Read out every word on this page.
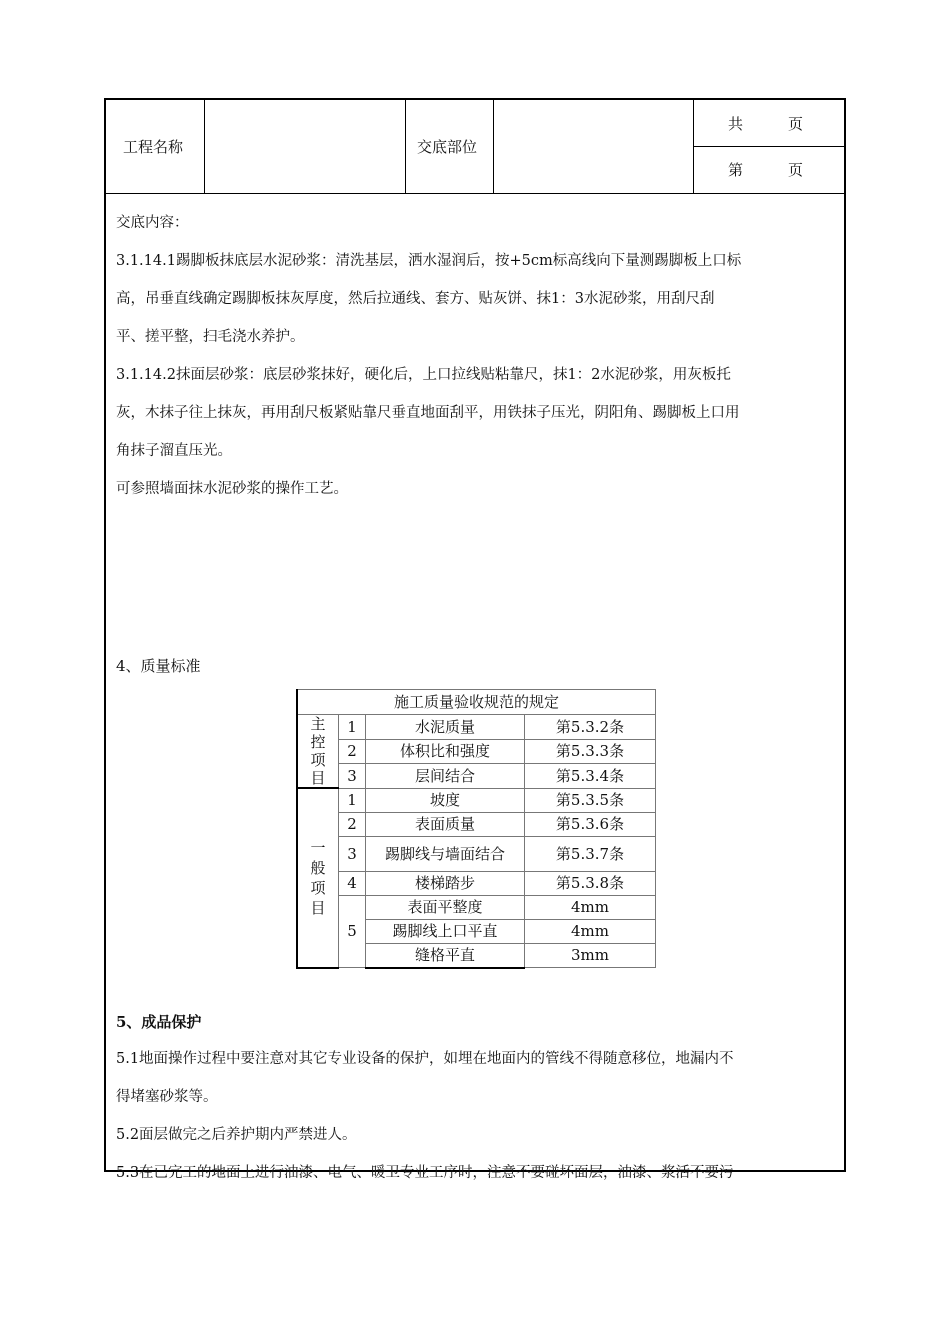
工程名称	交底部位
共　　　页
第　　　页

交底内容：

3.1.14.1踢脚板抹底层水泥砂浆：清洗基层，洒水湿润后，按+5cm标高线向下量测踢脚板上口标

高，吊垂直线确定踢脚板抹灰厚度，然后拉通线、套方、贴灰饼、抹1：3水泥砂浆，用刮尺刮

平、搓平整，扫毛浇水养护。

3.1.14.2抹面层砂浆：底层砂浆抹好，硬化后，上口拉线贴粘靠尺，抹1：2水泥砂浆，用灰板托

灰，木抹子往上抹灰，再用刮尺板紧贴靠尺垂直地面刮平，用铁抹子压光，阴阳角、踢脚板上口用

角抹子溜直压光。

可参照墙面抹水泥砂浆的操作工艺。

4、质量标准
施工质量验收规范的规定			

主控项目	1	水泥质量	第5.3.2条
	2	体积比和强度	第5.3.3条
	3	层间结合	第5.3.4条

一般项目	1	坡度	第5.3.5条
	2	表面质量	第5.3.6条
	3	踢脚线与墙面结合	第5.3.7条
	4	楼梯踏步	第5.3.8条
	5	表面平整度	4mm
		踢脚线上口平直	4mm
		缝格平直	3mm
5、成品保护

5.1地面操作过程中要注意对其它专业设备的保护，如埋在地面内的管线不得随意移位，地漏内不

得堵塞砂浆等。

5.2面层做完之后养护期内严禁进人。

5.3在已完工的地面上进行油漆、电气、暖卫专业工序时，注意不要碰坏面层，油漆、浆活不要污
